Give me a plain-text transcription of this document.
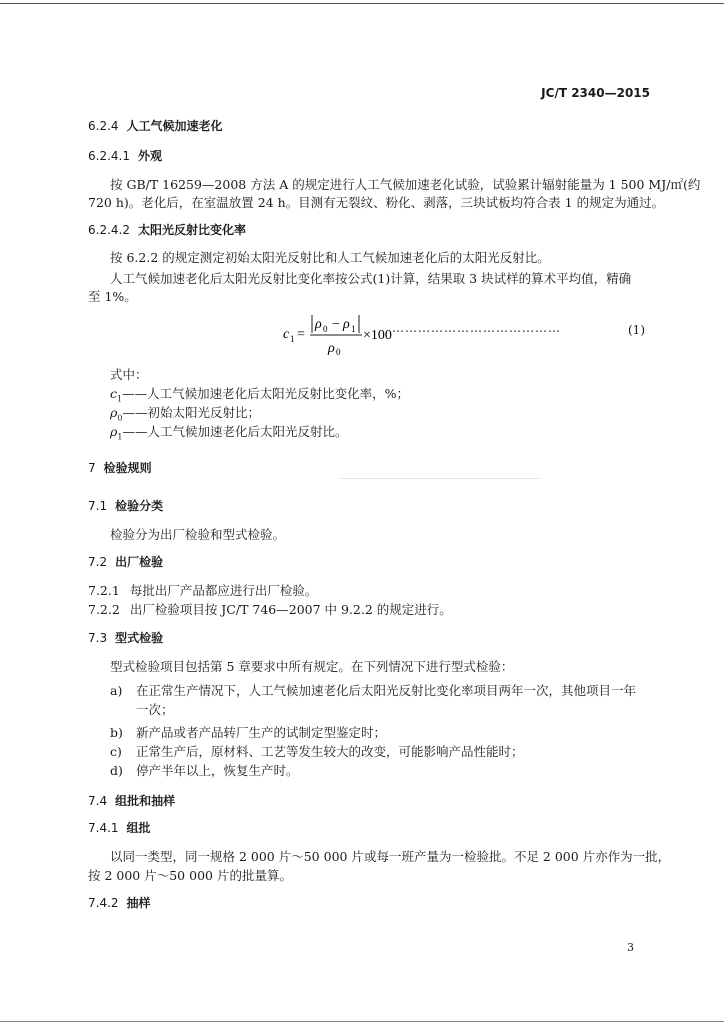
JC/T 2340—2015
6.2.4 人工气候加速老化
6.2.4.1 外观
按 GB/T 16259—2008 方法 A 的规定进行人工气候加速老化试验，试验累计辐射能量为 1 500 MJ/㎡(约
720 h)。老化后，在室温放置 24 h。目测有无裂纹、粉化、剥落，三块试板均符合表 1 的规定为通过。
6.2.4.2 太阳光反射比变化率
按 6.2.2 的规定测定初始太阳光反射比和人工气候加速老化后的太阳光反射比。
人工气候加速老化后太阳光反射比变化率按公式(1)计算，结果取 3 块试样的算术平均值，精确
至 1%。
c 1 =
ρ 0 − ρ 1
ρ 0
×100 …………………………………	(1)
式中：
$c_1——$人工气候加速老化后太阳光反射比变化率，%；
$\rho_0——$初始太阳光反射比；
$\rho_1——$人工气候加速老化后太阳光反射比。
7 检验规则
7.1 检验分类
检验分为出厂检验和型式检验。
7.2 出厂检验
7.2.1 每批出厂产品都应进行出厂检验。
7.2.2 出厂检验项目按 JC/T 746—2007 中 9.2.2 的规定进行。
7.3 型式检验
型式检验项目包括第 5 章要求中所有规定。在下列情况下进行型式检验：
a) 在正常生产情况下，人工气候加速老化后太阳光反射比变化率项目两年一次，其他项目一年
一次；
b) 新产品或者产品转厂生产的试制定型鉴定时；
c) 正常生产后，原材料、工艺等发生较大的改变，可能影响产品性能时；
d) 停产半年以上，恢复生产时。
7.4 组批和抽样
7.4.1 组批
以同一类型，同一规格 2 000 片～50 000 片或每一班产量为一检验批。不足 2 000 片亦作为一批，
按 2 000 片～50 000 片的批量算。
7.4.2 抽样
3
